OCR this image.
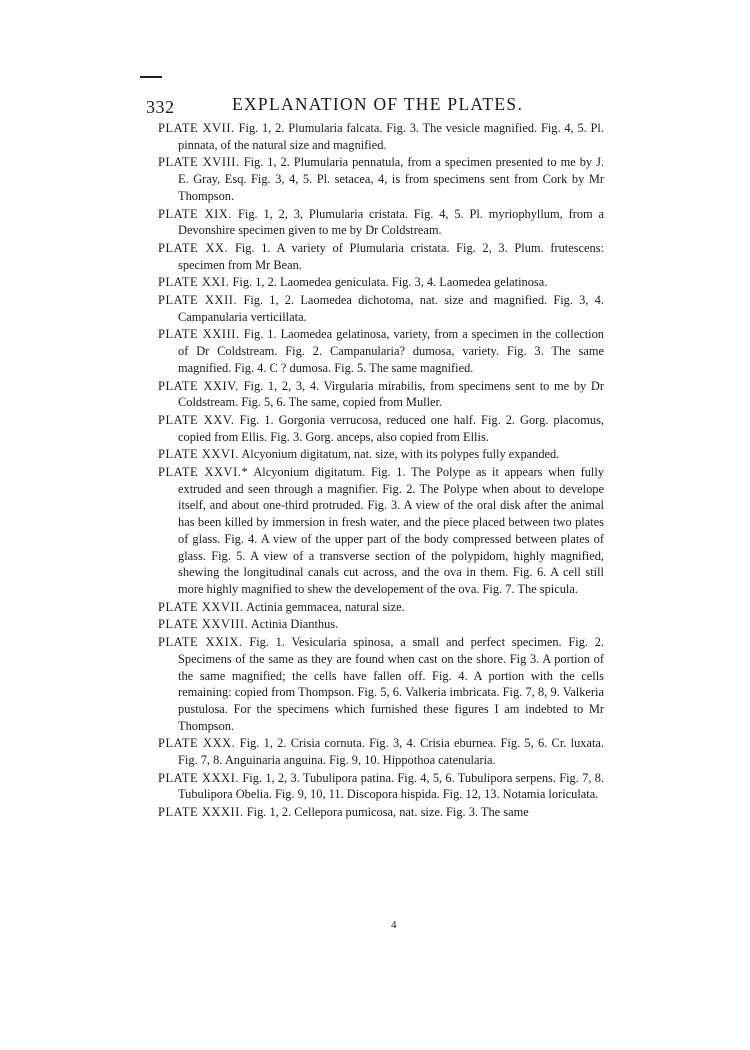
332	EXPLANATION OF THE PLATES.

PLATE XVII. Fig. 1, 2. Plumularia falcata. Fig. 3. The vesicle magnified. Fig. 4, 5. Pl. pinnata, of the natural size and magnified.

PLATE XVIII. Fig. 1, 2. Plumularia pennatula, from a specimen presented to me by J. E. Gray, Esq. Fig. 3, 4, 5. Pl. setacea, 4, is from specimens sent from Cork by Mr Thompson.

PLATE XIX. Fig. 1, 2, 3, Plumularia cristata. Fig. 4, 5. Pl. myriophyllum, from a Devonshire specimen given to me by Dr Coldstream.

PLATE XX. Fig. 1. A variety of Plumularia cristata. Fig. 2, 3. Plum. frutescens: specimen from Mr Bean.

PLATE XXI. Fig. 1, 2. Laomedea geniculata. Fig. 3, 4. Laomedea gelatinosa.

PLATE XXII. Fig. 1, 2. Laomedea dichotoma, nat. size and magnified. Fig. 3, 4. Campanularia verticillata.

PLATE XXIII. Fig. 1. Laomedea gelatinosa, variety, from a specimen in the collection of Dr Coldstream. Fig. 2. Campanularia? dumosa, variety. Fig. 3. The same magnified. Fig. 4. C ? dumosa. Fig. 5. The same magnified.

PLATE XXIV. Fig. 1, 2, 3, 4. Virgularia mirabilis, from specimens sent to me by Dr Coldstream. Fig. 5, 6. The same, copied from Muller.

PLATE XXV. Fig. 1. Gorgonia verrucosa, reduced one half. Fig. 2. Gorg. placomus, copied from Ellis. Fig. 3. Gorg. anceps, also copied from Ellis.

PLATE XXVI. Alcyonium digitatum, nat. size, with its polypes fully expanded.

PLATE XXVI.* Alcyonium digitatum. Fig. 1. The Polype as it appears when fully extruded and seen through a magnifier. Fig. 2. The Polype when about to develope itself, and about one-third protruded. Fig. 3. A view of the oral disk after the animal has been killed by immersion in fresh water, and the piece placed between two plates of glass. Fig. 4. A view of the upper part of the body compressed between plates of glass. Fig. 5. A view of a transverse section of the polypidom, highly magnified, shewing the longitudinal canals cut across, and the ova in them. Fig. 6. A cell still more highly magnified to shew the developement of the ova. Fig. 7. The spicula.

PLATE XXVII. Actinia gemmacea, natural size.

PLATE XXVIII. Actinia Dianthus.

PLATE XXIX. Fig. 1. Vesicularia spinosa, a small and perfect specimen. Fig. 2. Specimens of the same as they are found when cast on the shore. Fig 3. A portion of the same magnified; the cells have fallen off. Fig. 4. A portion with the cells remaining: copied from Thompson. Fig. 5, 6. Valkeria imbricata. Fig. 7, 8, 9. Valkeria pustulosa. For the specimens which furnished these figures I am indebted to Mr Thompson.

PLATE XXX. Fig. 1, 2. Crisia cornuta. Fig. 3, 4. Crisia eburnea. Fig. 5, 6. Cr. luxata. Fig. 7, 8. Anguinaria anguina. Fig. 9, 10. Hippothoa catenularia.

PLATE XXXI. Fig. 1, 2, 3. Tubulipora patina. Fig. 4, 5, 6. Tubulipora serpens. Fig. 7, 8. Tubulipora Obelia. Fig. 9, 10, 11. Discopora hispida. Fig. 12, 13. Notamia loriculata.

PLATE XXXII. Fig. 1, 2. Cellepora pumicosa, nat. size. Fig. 3. The same

4
